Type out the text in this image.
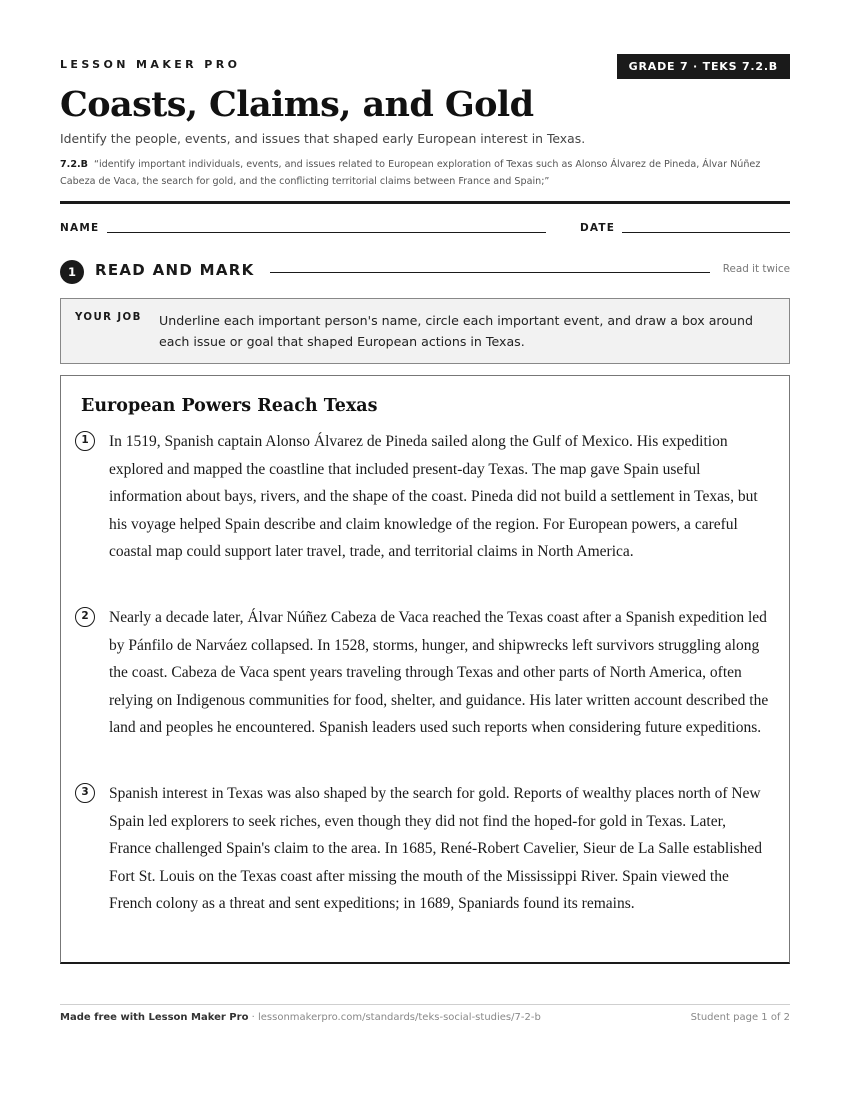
LESSON MAKER PRO	GRADE 7 · TEKS 7.2.B
Coasts, Claims, and Gold
Identify the people, events, and issues that shaped early European interest in Texas.
7.2.B “identify important individuals, events, and issues related to European exploration of Texas such as Alonso Álvarez de Pineda, Álvar Núñez Cabeza de Vaca, the search for gold, and the conflicting territorial claims between France and Spain;”
NAME	DATE
1	READ AND MARK	Read it twice
YOUR JOB Underline each important person's name, circle each important event, and draw a box around each issue or goal that shaped European actions in Texas.
European Powers Reach Texas
1	In 1519, Spanish captain Alonso Álvarez de Pineda sailed along the Gulf of Mexico. His expedition explored and mapped the coastline that included present-day Texas. The map gave Spain useful information about bays, rivers, and the shape of the coast. Pineda did not build a settlement in Texas, but his voyage helped Spain describe and claim knowledge of the region. For European powers, a careful coastal map could support later travel, trade, and territorial claims in North America.

2	Nearly a decade later, Álvar Núñez Cabeza de Vaca reached the Texas coast after a Spanish expedition led by Pánfilo de Narváez collapsed. In 1528, storms, hunger, and shipwrecks left survivors struggling along the coast. Cabeza de Vaca spent years traveling through Texas and other parts of North America, often relying on Indigenous communities for food, shelter, and guidance. His later written account described the land and peoples he encountered. Spanish leaders used such reports when considering future expeditions.

3	Spanish interest in Texas was also shaped by the search for gold. Reports of wealthy places north of New Spain led explorers to seek riches, even though they did not find the hoped-for gold in Texas. Later, France challenged Spain's claim to the area. In 1685, René-Robert Cavelier, Sieur de La Salle established Fort St. Louis on the Texas coast after missing the mouth of the Mississippi River. Spain viewed the French colony as a threat and sent expeditions; in 1689, Spaniards found its remains.

Made free with Lesson Maker Pro · lessonmakerpro.com/standards/teks-social-studies/7-2-b	Student page 1 of 2
